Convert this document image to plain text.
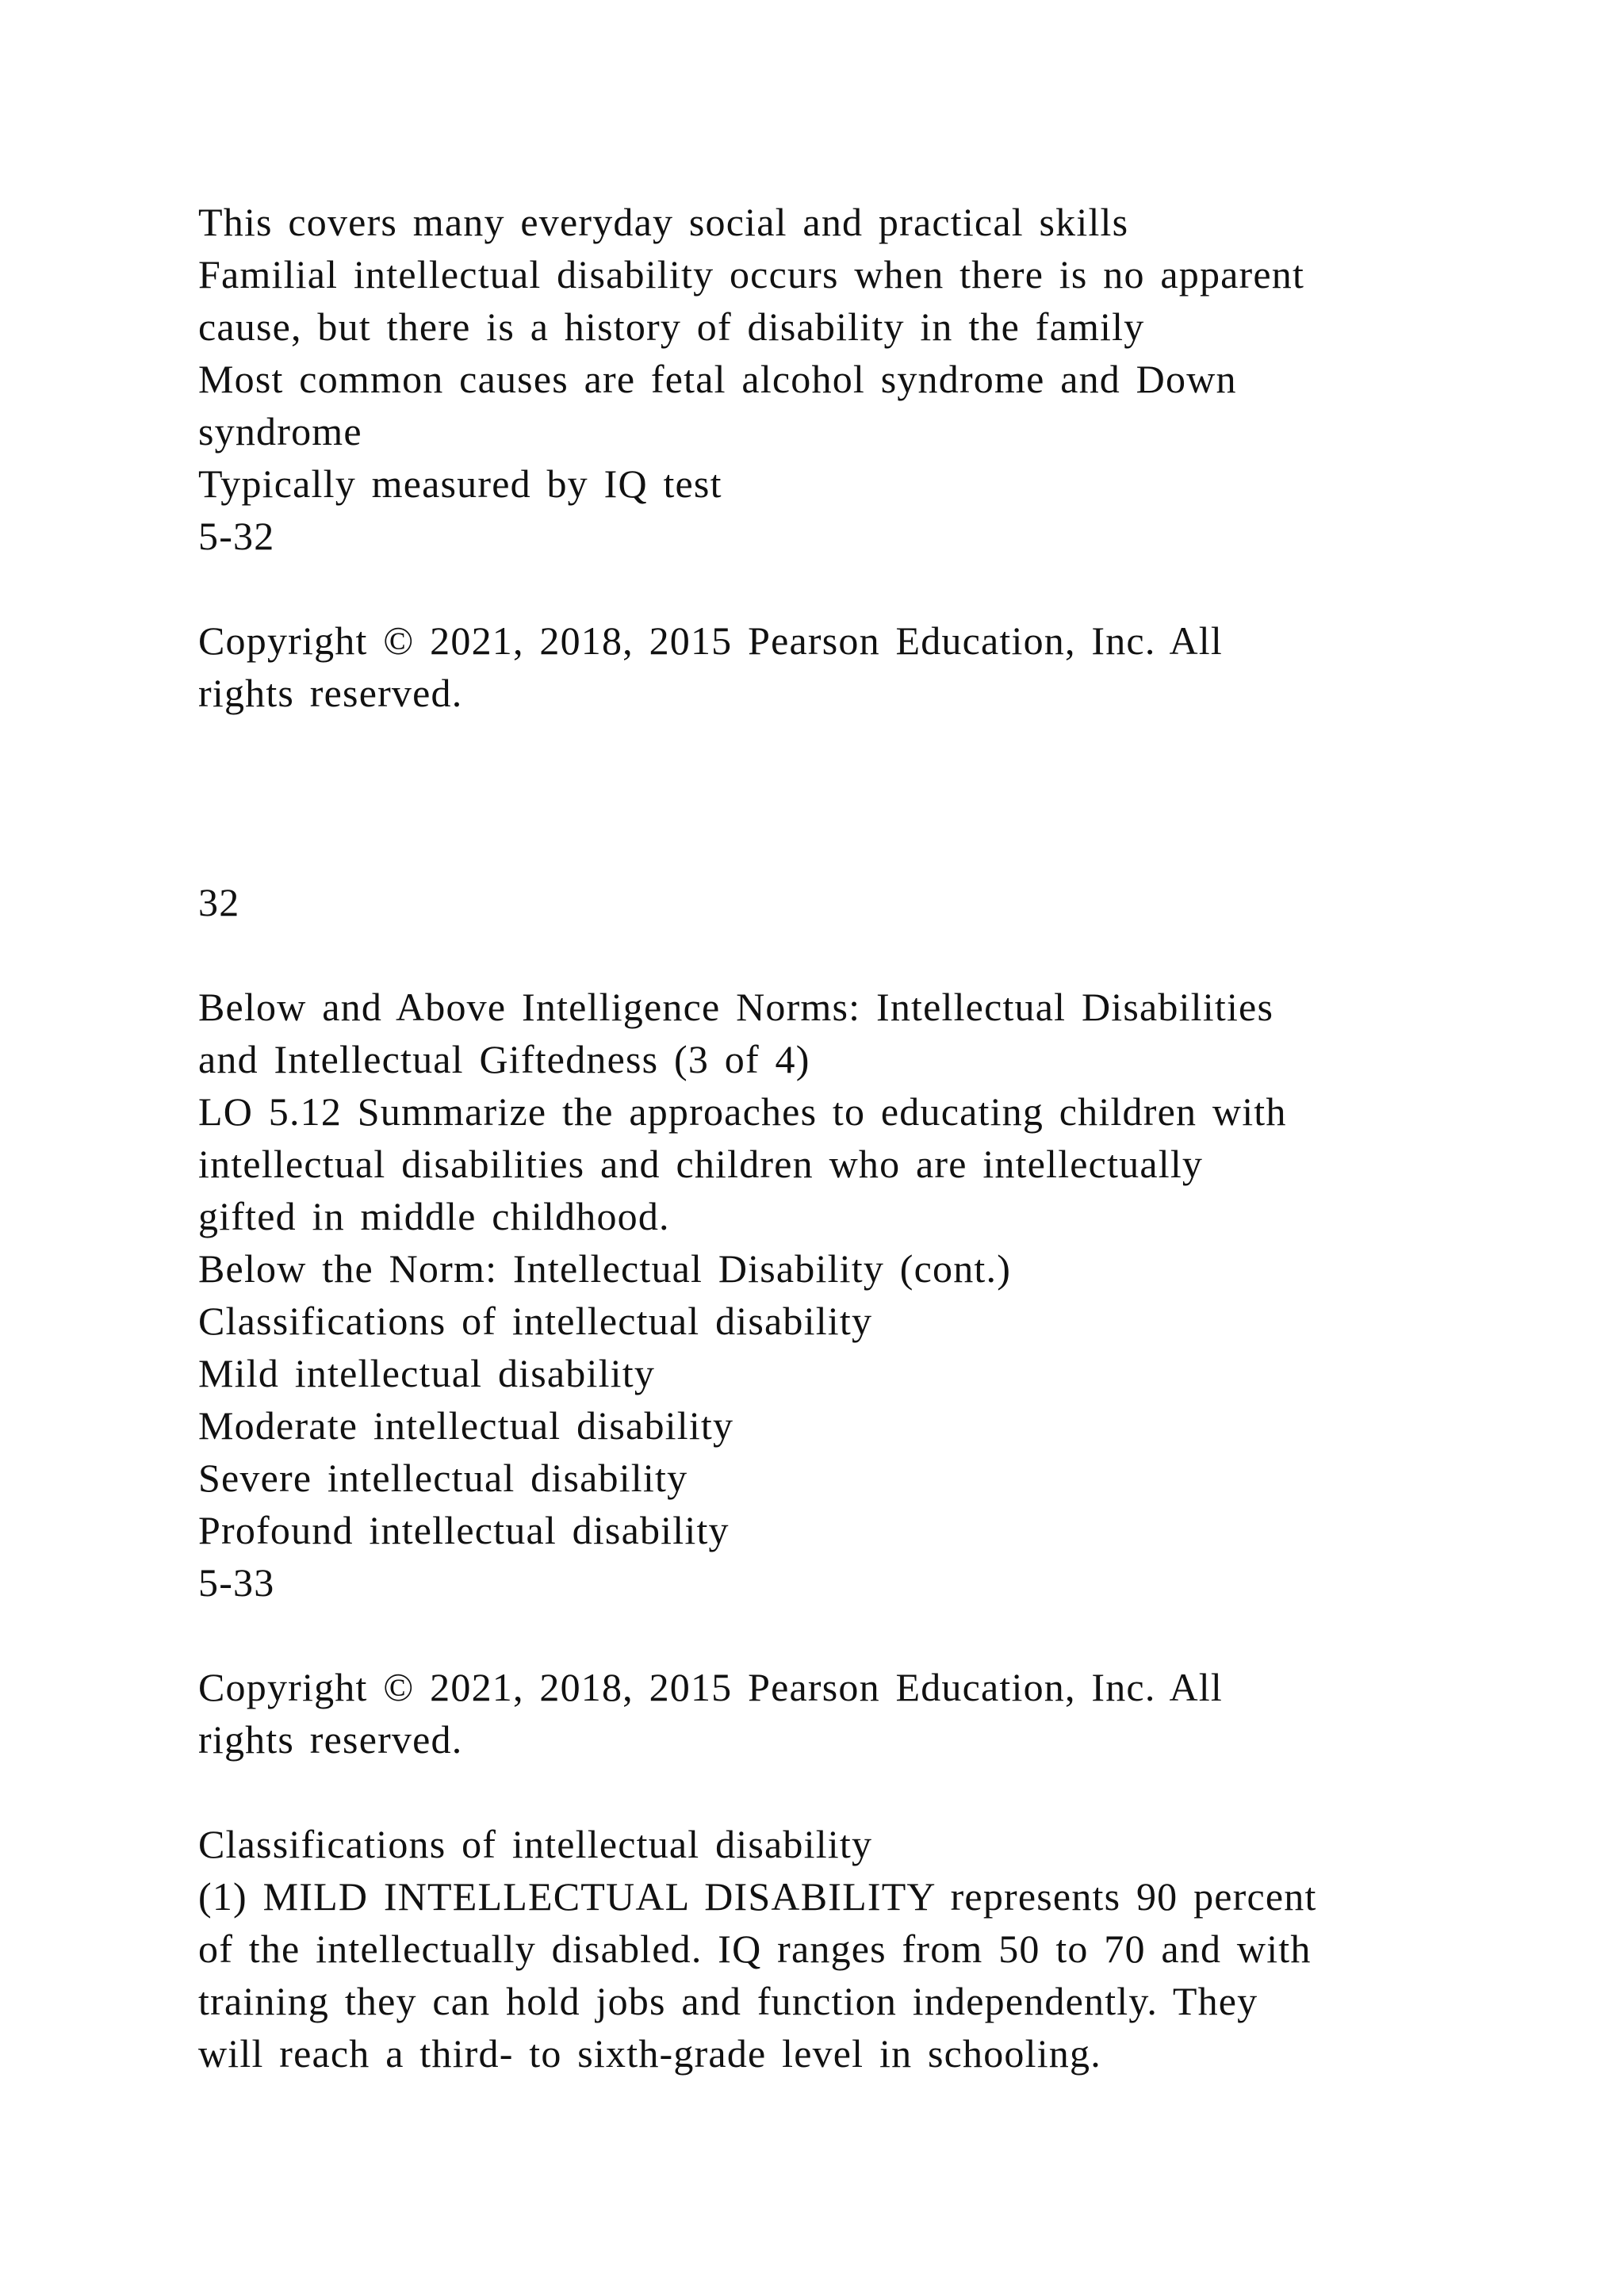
This covers many everyday social and practical skills

Familial intellectual disability occurs when there is no apparent

cause, but there is a history of disability in the family

Most common causes are fetal alcohol syndrome and Down

syndrome

Typically measured by IQ test

5-32

Copyright © 2021, 2018, 2015 Pearson Education, Inc. All

rights reserved.

32

Below and Above Intelligence Norms: Intellectual Disabilities

and Intellectual Giftedness (3 of 4)

LO 5.12 Summarize the approaches to educating children with

intellectual disabilities and children who are intellectually

gifted in middle childhood.

Below the Norm: Intellectual Disability (cont.)

Classifications of intellectual disability

Mild intellectual disability

Moderate intellectual disability

Severe intellectual disability

Profound intellectual disability

5-33

Copyright © 2021, 2018, 2015 Pearson Education, Inc. All

rights reserved.

Classifications of intellectual disability

(1) MILD INTELLECTUAL DISABILITY represents 90 percent

of the intellectually disabled. IQ ranges from 50 to 70 and with

training they can hold jobs and function independently. They

will reach a third- to sixth-grade level in schooling.
